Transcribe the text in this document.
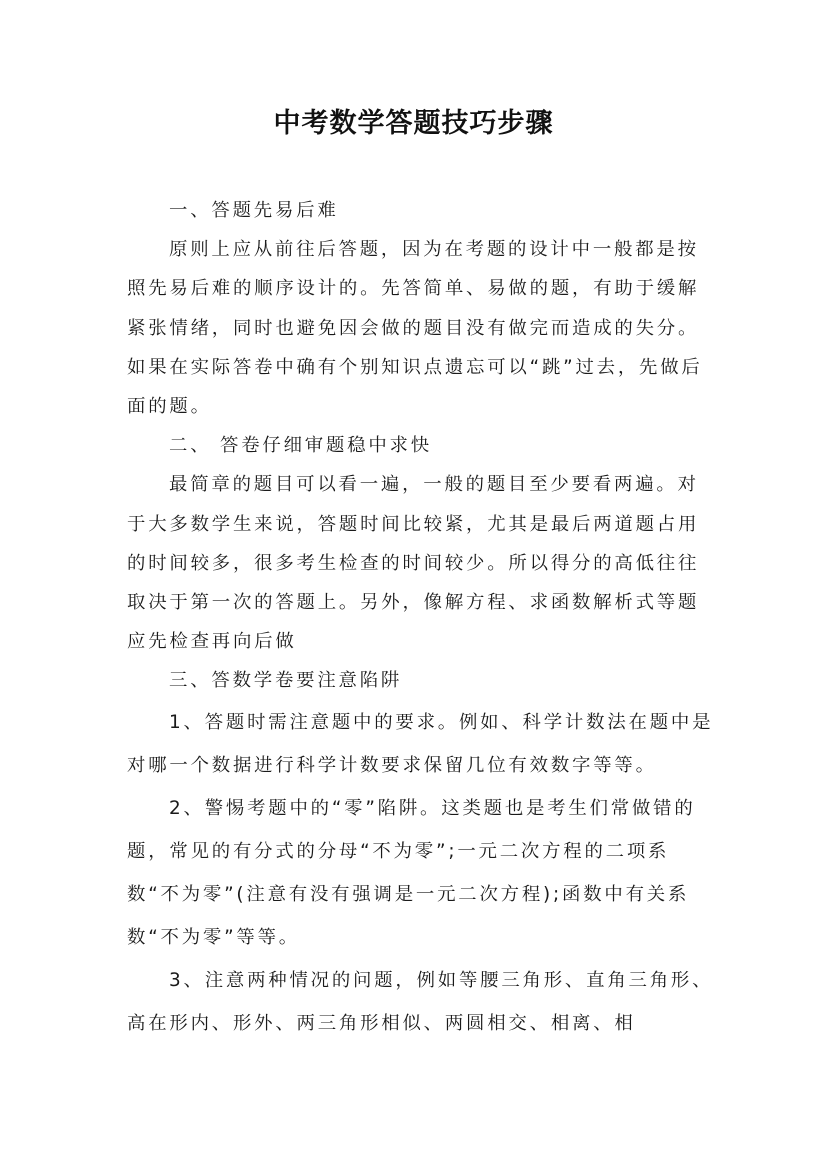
中考数学答题技巧步骤

一、答题先易后难

原则上应从前往后答题，因为在考题的设计中一般都是按照先易后难的顺序设计的。先答简单、易做的题，有助于缓解紧张情绪，同时也避免因会做的题目没有做完而造成的失分。如果在实际答卷中确有个别知识点遗忘可以“跳”过去，先做后面的题。

二、 答卷仔细审题稳中求快

最简章的题目可以看一遍，一般的题目至少要看两遍。对于大多数学生来说，答题时间比较紧，尤其是最后两道题占用的时间较多，很多考生检查的时间较少。所以得分的高低往往取决于第一次的答题上。另外，像解方程、求函数解析式等题应先检查再向后做

三、答数学卷要注意陷阱

1、答题时需注意题中的要求。例如、科学计数法在题中是对哪一个数据进行科学计数要求保留几位有效数字等等。

2、警惕考题中的“零”陷阱。这类题也是考生们常做错的题，常见的有分式的分母“不为零”;一元二次方程的二项系数“不为零”(注意有没有强调是一元二次方程);函数中有关系数“不为零”等等。

3、注意两种情况的问题，例如等腰三角形、直角三角形、高在形内、形外、两三角形相似、两圆相交、相离、相
